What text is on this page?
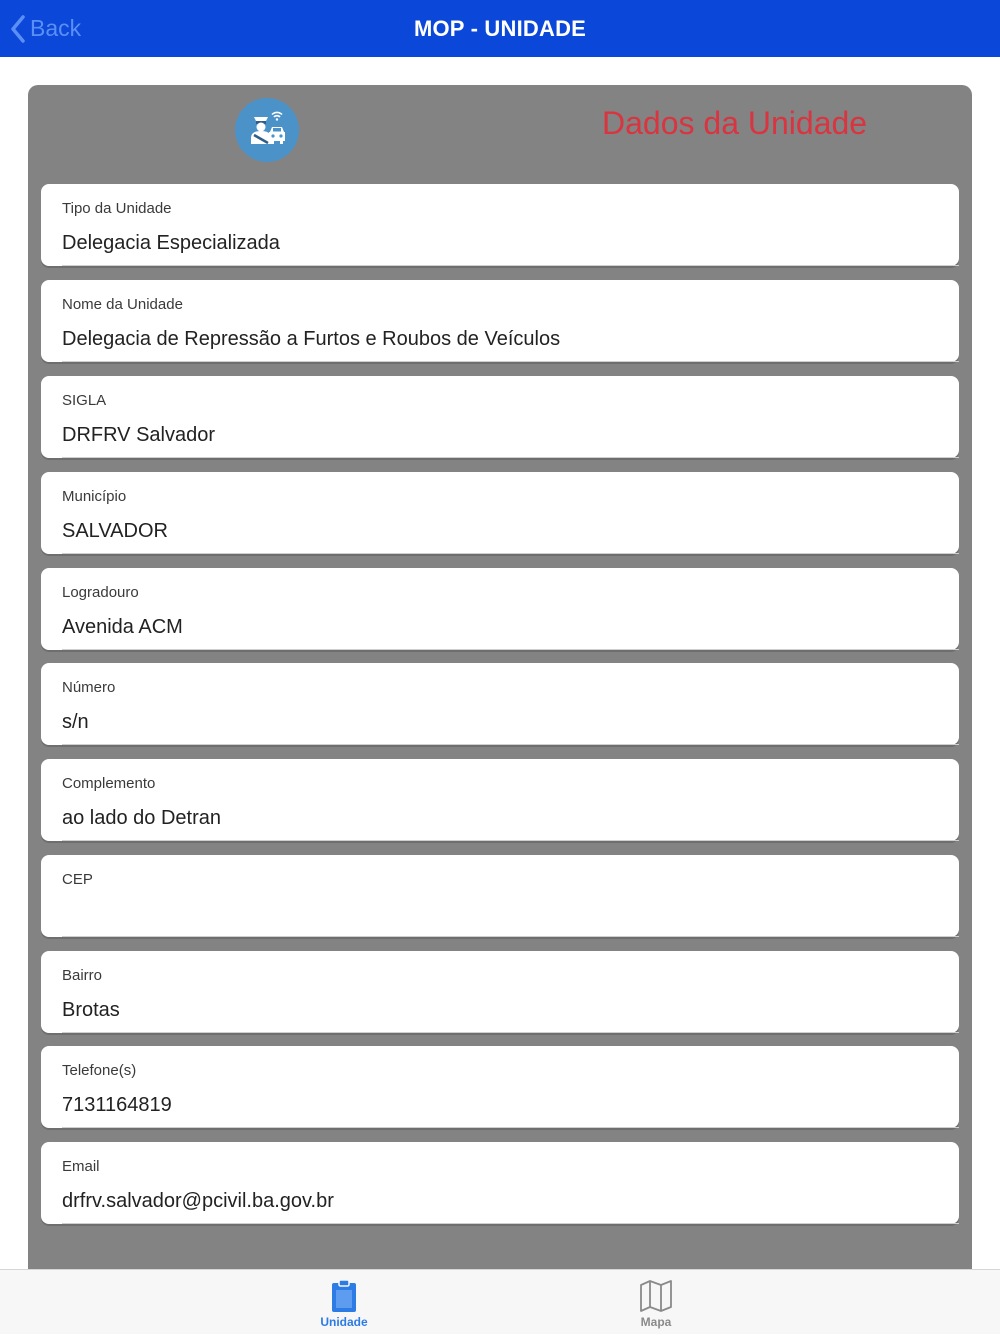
Back	MOP - UNIDADE
Dados da Unidade
Tipo da Unidade
Delegacia Especializada
Nome da Unidade
Delegacia de Repressão a Furtos e Roubos de Veículos
SIGLA
DRFRV Salvador
Município
SALVADOR
Logradouro
Avenida ACM
Número
s/n
Complemento
ao lado do Detran
CEP
Bairro
Brotas
Telefone(s)
7131164819
Email
drfrv.salvador@pcivil.ba.gov.br
Unidade	Mapa
